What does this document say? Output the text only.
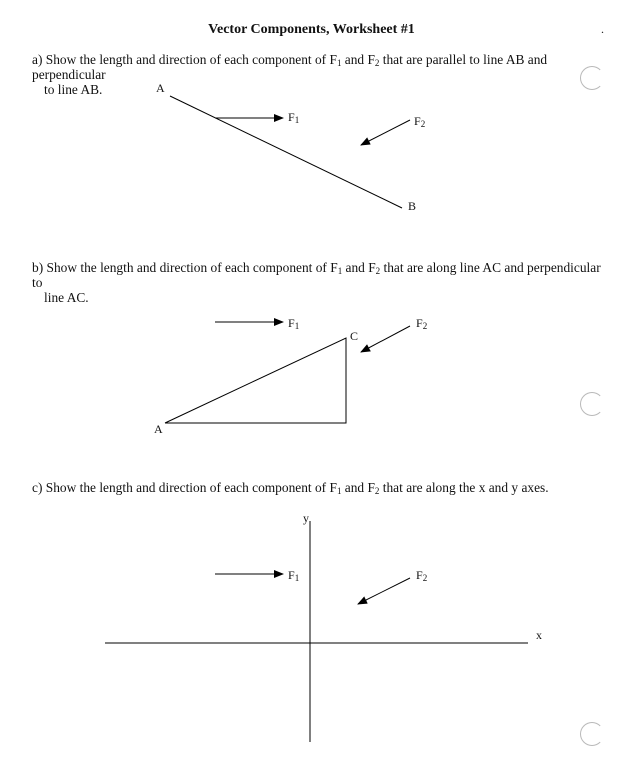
Vector Components, Worksheet #1	.
a) Show the length and direction of each component of $F_1$ and $F_2$ that are parallel to line AB and perpendicular
to line AB.
b) Show the length and direction of each component of $F_1$ and $F_2$ that are along line AC and perpendicular to
line AC.
c) Show the length and direction of each component of $F_1$ and $F_2$ that are along the x and y axes.
A
B
$F_1$	$F_2$
$F_1$	$F_2$
C
A
y
x
$F_1$	$F_2$
